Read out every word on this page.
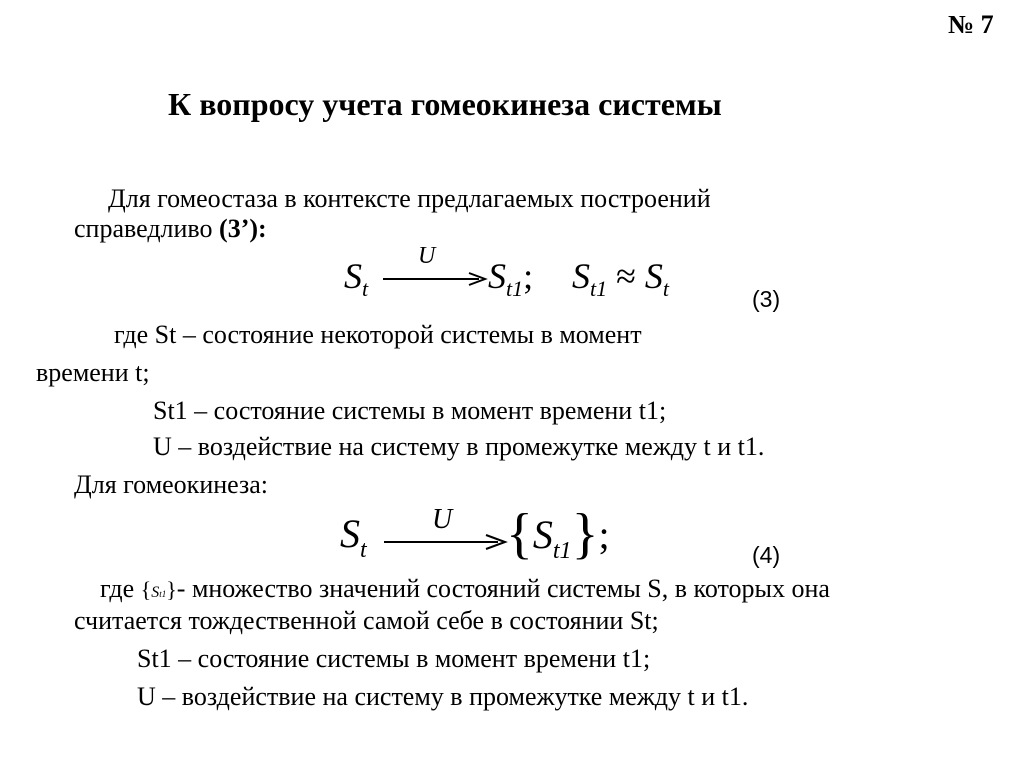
№ 7
К вопросу учета гомеокинеза системы
Для гомеостаза в контексте предлагаемых построений
справедливо (3’):
$S_t$
U $S_{t1}$; $S_{t1} \approx S_t$	(3)
где St – состояние некоторой системы в момент
времени t;
St1 – состояние системы в момент времени t1;
U – воздействие на систему в промежутке между t и t1.
Для гомеокинеза:
$S_t$
U $\{S_{t1}\}$;	(4)
где {St1}- множество значений состояний системы S, в которых она
считается тождественной самой себе в состоянии St;
St1 – состояние системы в момент времени t1;
U – воздействие на систему в промежутке между t и t1.
